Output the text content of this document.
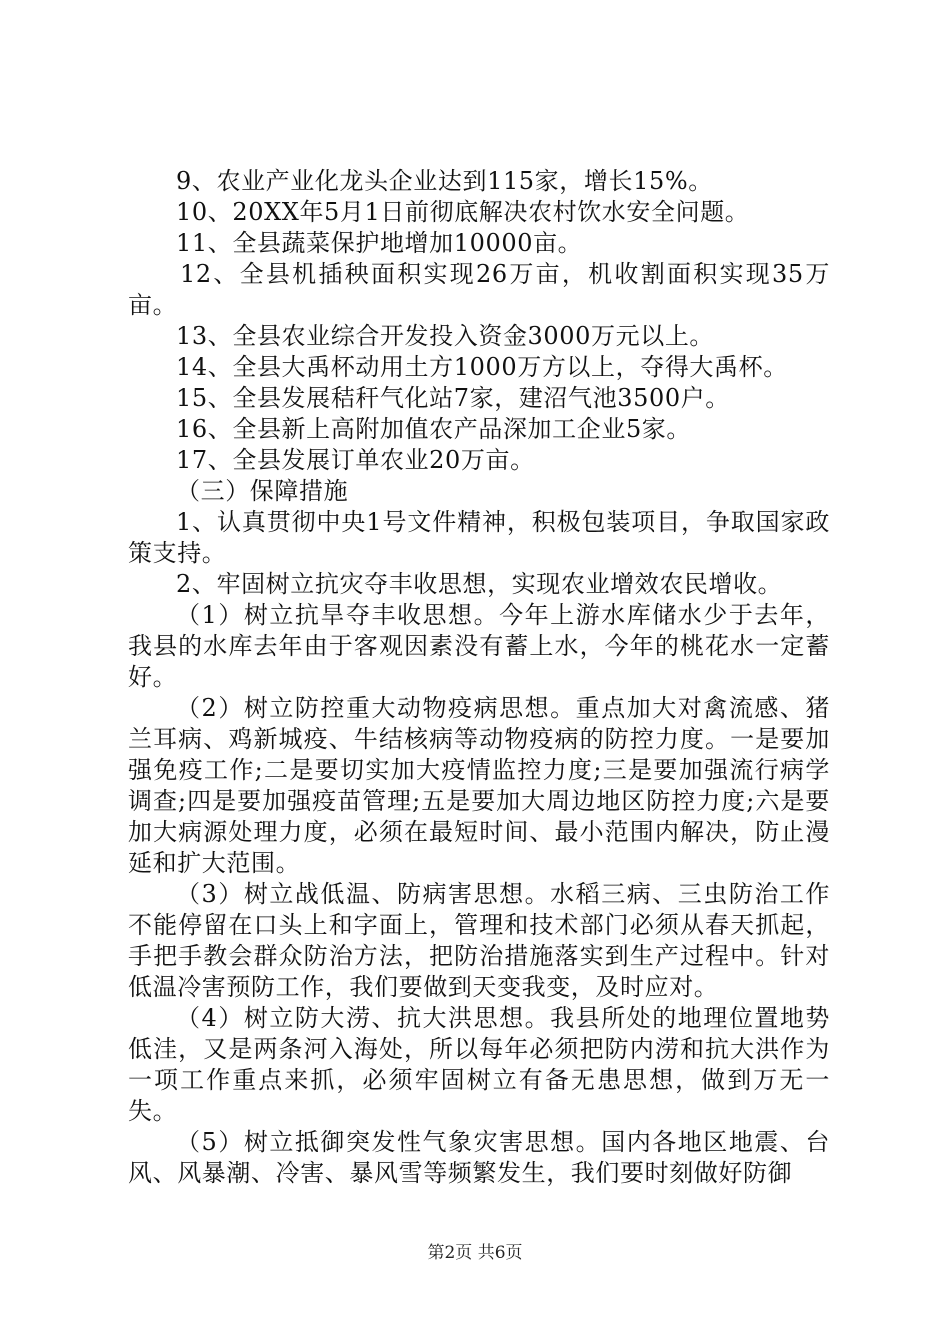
9、农业产业化龙头企业达到115家，增长15%。

10、20XX年5月1日前彻底解决农村饮水安全问题。

11、全县蔬菜保护地增加10000亩。

12、全县机插秧面积实现26万亩，机收割面积实现35万亩。

13、全县农业综合开发投入资金3000万元以上。

14、全县大禹杯动用土方1000万方以上，夺得大禹杯。

15、全县发展秸秆气化站7家，建沼气池3500户。

16、全县新上高附加值农产品深加工企业5家。

17、全县发展订单农业20万亩。

（三）保障措施

1、认真贯彻中央1号文件精神，积极包装项目，争取国家政策支持。

2、牢固树立抗灾夺丰收思想，实现农业增效农民增收。

（1）树立抗旱夺丰收思想。今年上游水库储水少于去年，我县的水库去年由于客观因素没有蓄上水，今年的桃花水一定蓄好。

（2）树立防控重大动物疫病思想。重点加大对禽流感、猪兰耳病、鸡新城疫、牛结核病等动物疫病的防控力度。一是要加强免疫工作;二是要切实加大疫情监控力度;三是要加强流行病学调查;四是要加强疫苗管理;五是要加大周边地区防控力度;六是要加大病源处理力度，必须在最短时间、最小范围内解决，防止漫延和扩大范围。

（3）树立战低温、防病害思想。水稻三病、三虫防治工作不能停留在口头上和字面上，管理和技术部门必须从春天抓起，手把手教会群众防治方法，把防治措施落实到生产过程中。针对低温冷害预防工作，我们要做到天变我变，及时应对。

（4）树立防大涝、抗大洪思想。我县所处的地理位置地势低洼，又是两条河入海处，所以每年必须把防内涝和抗大洪作为一项工作重点来抓，必须牢固树立有备无患思想，做到万无一失。

（5）树立抵御突发性气象灾害思想。国内各地区地震、台风、风暴潮、冷害、暴风雪等频繁发生，我们要时刻做好防御

第2页 共6页
